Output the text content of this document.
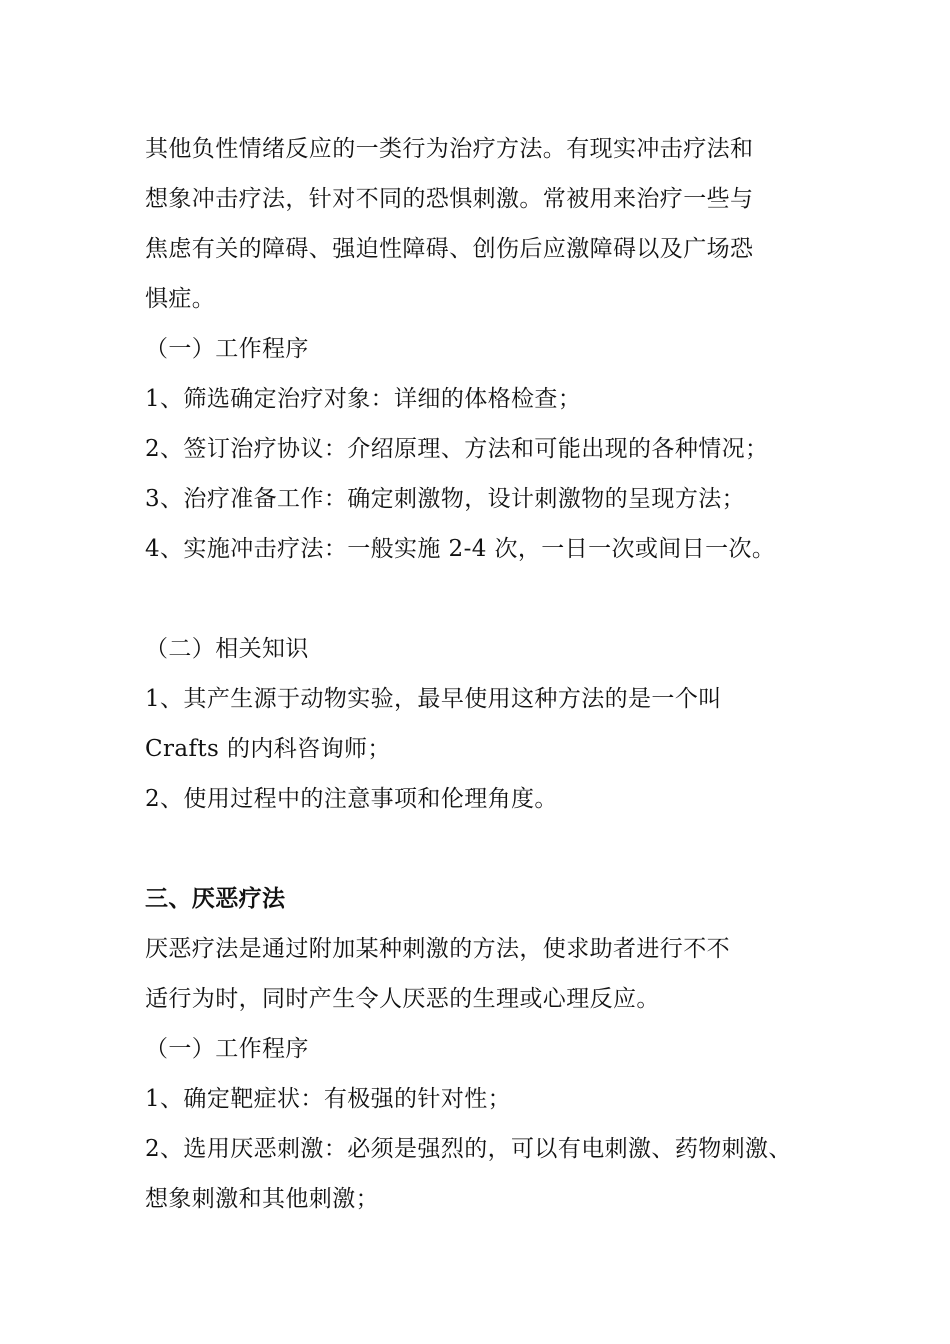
其他负性情绪反应的一类行为治疗方法。有现实冲击疗法和
想象冲击疗法，针对不同的恐惧刺激。常被用来治疗一些与
焦虑有关的障碍、强迫性障碍、创伤后应激障碍以及广场恐
惧症。
（一）工作程序
1、筛选确定治疗对象：详细的体格检查；
2、签订治疗协议：介绍原理、方法和可能出现的各种情况；
3、治疗准备工作：确定刺激物，设计刺激物的呈现方法；
4、实施冲击疗法：一般实施 2-4 次，一日一次或间日一次。
（二）相关知识
1、其产生源于动物实验，最早使用这种方法的是一个叫
Crafts 的内科咨询师；
2、使用过程中的注意事项和伦理角度。
三、厌恶疗法
厌恶疗法是通过附加某种刺激的方法，使求助者进行不不
适行为时，同时产生令人厌恶的生理或心理反应。
（一）工作程序
1、确定靶症状：有极强的针对性；
2、选用厌恶刺激：必须是强烈的，可以有电刺激、药物刺激、
想象刺激和其他刺激；
